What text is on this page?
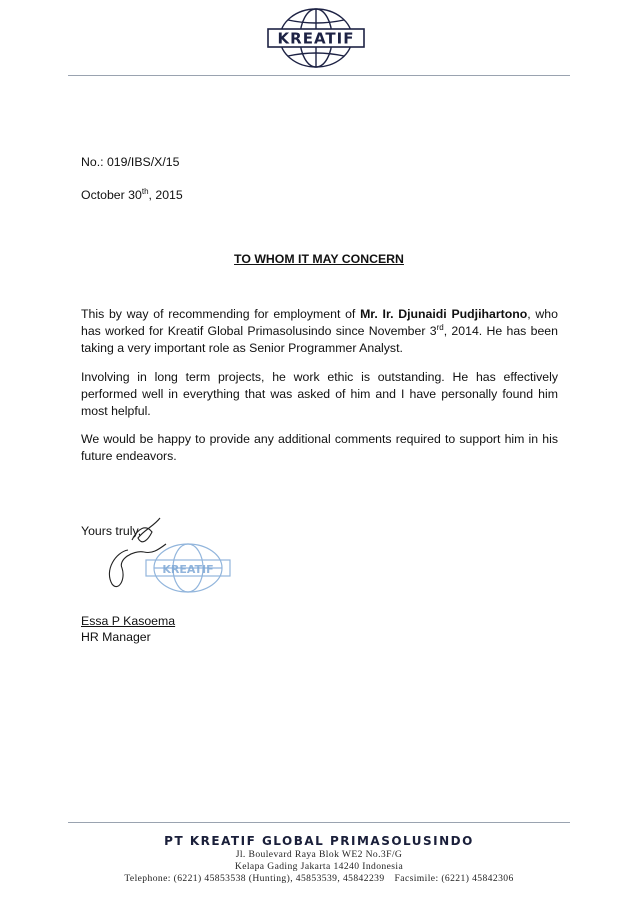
KREATIF
No.: 019/IBS/X/15
October 30th, 2015
TO WHOM IT MAY CONCERN
This by way of recommending for employment of Mr. Ir. Djunaidi Pudjihartono, who has worked for Kreatif Global Primasolusindo since November 3rd, 2014. He has been taking a very important role as Senior Programmer Analyst.
Involving in long term projects, he work ethic is outstanding. He has effectively performed well in everything that was asked of him and I have personally found him most helpful.
We would be happy to provide any additional comments required to support him in his future endeavors.
Yours truly,
KREATIF
Essa P Kasoema
HR Manager
PT KREATIF GLOBAL PRIMASOLUSINDO
Jl. Boulevard Raya Blok WE2 No.3F/G
Kelapa Gading Jakarta 14240 Indonesia
Telephone: (6221) 45853538 (Hunting), 45853539, 45842239 Facsimile: (6221) 45842306
